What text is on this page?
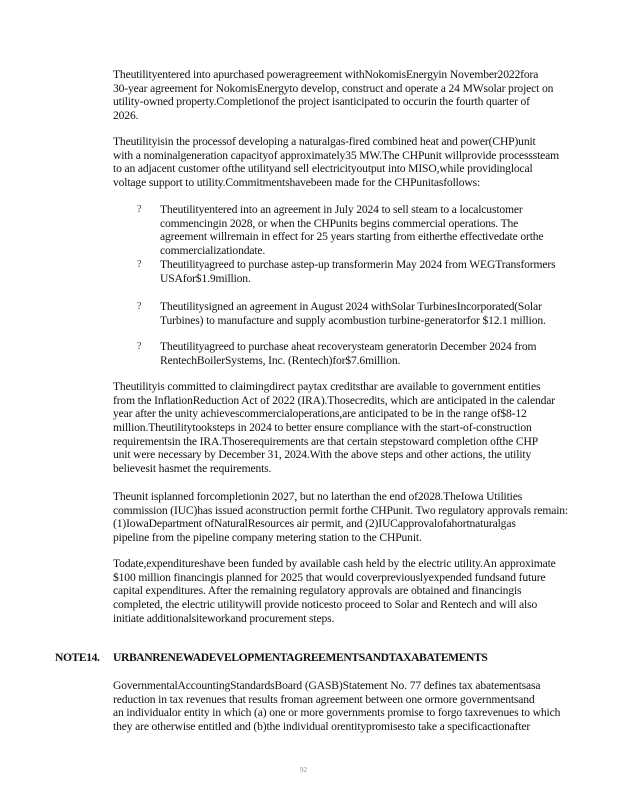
Theutilityentered into apurchased poweragreement withNokomisEnergyin November2022fora
30-year agreement for NokomisEnergyto develop, construct and operate a 24 MWsolar project on
utility-owned property.Completionof the project isanticipated to occurin the fourth quarter of
2026.
Theutilityisin the processof developing a naturalgas-fired combined heat and power(CHP)unit
with a nominalgeneration capacityof approximately35 MW.The CHPunit willprovide processsteam
to an adjacent customer ofthe utilityand sell electricityoutput into MISO,while providinglocal
voltage support to utility.Commitmentshavebeen made for the CHPunitasfollows:
? Theutilityentered into an agreement in July 2024 to sell steam to a localcustomer
commencingin 2028, or when the CHPunits begins commercial operations. The
agreement willremain in effect for 25 years starting from eitherthe effectivedate orthe
commercializationdate.
? Theutilityagreed to purchase astep-up transformerin May 2024 from WEGTransformers
USAfor$1.9million.
? Theutilitysigned an agreement in August 2024 withSolar TurbinesIncorporated(Solar
Turbines) to manufacture and supply acombustion turbine-generatorfor $12.1 million.
? Theutilityagreed to purchase aheat recoverysteam generatorin December 2024 from
RentechBoilerSystems, Inc. (Rentech)for$7.6million.
Theutilityis committed to claimingdirect paytax creditsthar are available to government entities
from the InflationReduction Act of 2022 (IRA).Thosecredits, which are anticipated in the calendar
year after the unity achievescommercialoperations,are anticipated to be in the range of$8-12
million.Theutilitytooksteps in 2024 to better ensure compliance with the start-of-construction
requirementsin the IRA.Thoserequirements are that certain stepstoward completion ofthe CHP
unit were necessary by December 31, 2024.With the above steps and other actions, the utility
believesit hasmet the requirements.
Theunit isplanned forcompletionin 2027, but no laterthan the end of2028.TheIowa Utilities
commission (IUC)has issued aconstruction permit forthe CHPunit. Two regulatory approvals remain:
(1)IowaDepartment ofNaturalResources air permit, and (2)IUCapprovalofahortnaturalgas
pipeline from the pipeline company metering station to the CHPunit.
Todate,expenditureshave been funded by available cash held by the electric utility.An approximate
$100 million financingis planned for 2025 that would coverpreviouslyexpended fundsand future
capital expenditures. After the remaining regulatory approvals are obtained and financingis
completed, the electric utilitywill provide noticesto proceed to Solar and Rentech and will also
initiate additionalsiteworkand procurement steps.
NOTE14. URBANRENEWADEVELOPMENTAGREEMENTSANDTAXABATEMENTS
GovernmentalAccountingStandardsBoard (GASB)Statement No. 77 defines tax abatementsasa
reduction in tax revenues that results froman agreement between one ormore governmentsand
an individualor entity in which (a) one or more governments promise to forgo taxrevenues to which
they are otherwise entitled and (b)the individual orentitypromisesto take a specificactionafter
92
